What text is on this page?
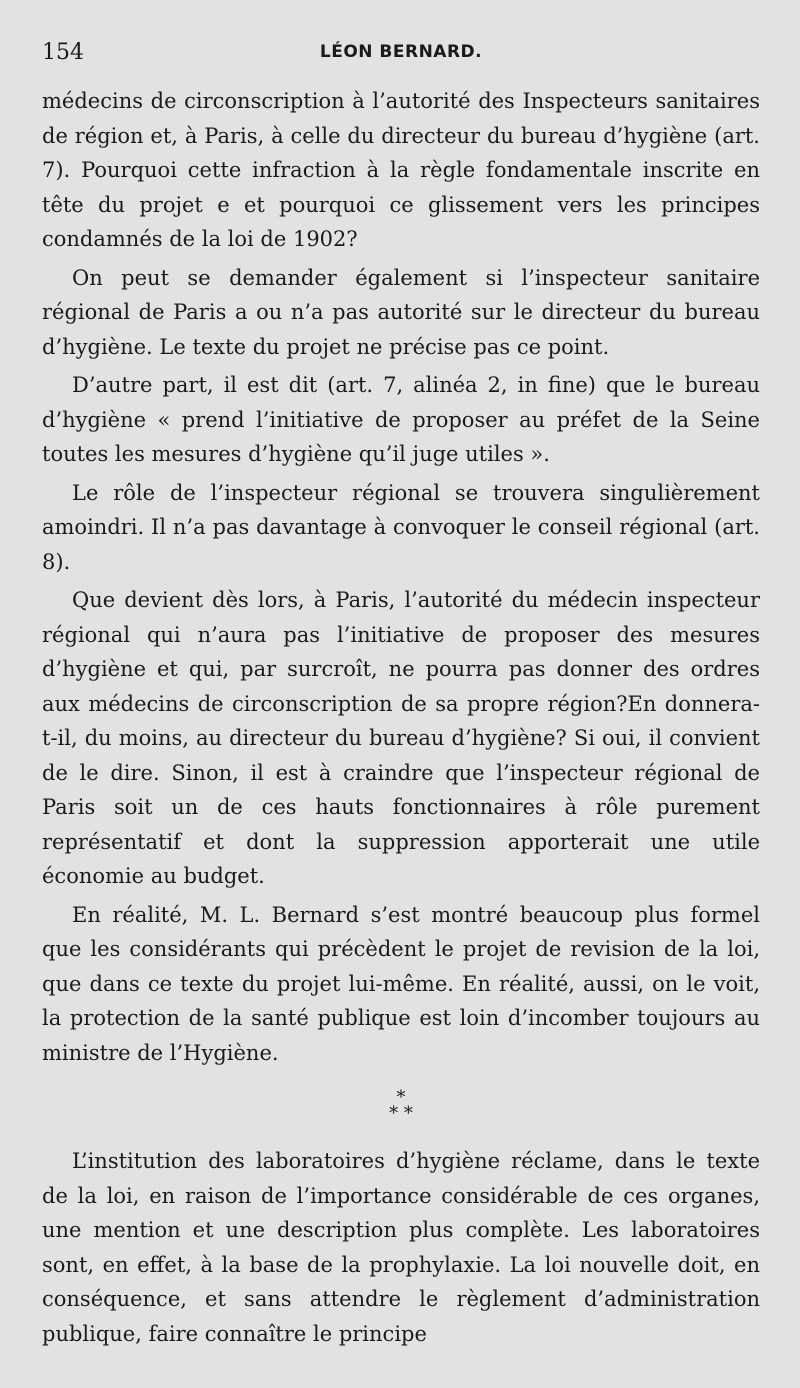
154	LÉON BERNARD.

médecins de circonscription à l’autorité des Inspecteurs sanitaires de région et, à Paris, à celle du directeur du bureau d’hygiène (art. 7). Pourquoi cette infraction à la règle fondamentale inscrite en tête du projet e et pourquoi ce glissement vers les principes condamnés de la loi de 1902?

On peut se demander également si l’inspecteur sanitaire régional de Paris a ou n’a pas autorité sur le directeur du bureau d’hygiène. Le texte du projet ne précise pas ce point.

D’autre part, il est dit (art. 7, alinéa 2, in fine) que le bureau d’hygiène « prend l’initiative de proposer au préfet de la Seine toutes les mesures d’hygiène qu’il juge utiles ».

Le rôle de l’inspecteur régional se trouvera singulièrement amoindri. Il n’a pas davantage à convoquer le conseil régional (art. 8).

Que devient dès lors, à Paris, l’autorité du médecin inspecteur régional qui n’aura pas l’initiative de proposer des mesures d’hygiène et qui, par surcroît, ne pourra pas donner des ordres aux médecins de circonscription de sa propre région?En donnera-t-il, du moins, au directeur du bureau d’hygiène? Si oui, il convient de le dire. Sinon, il est à craindre que l’inspecteur régional de Paris soit un de ces hauts fonctionnaires à rôle purement représentatif et dont la suppression apporterait une utile économie au budget.

En réalité, M. L. Bernard s’est montré beaucoup plus formel que les considérants qui précèdent le projet de revision de la loi, que dans ce texte du projet lui-même. En réalité, aussi, on le voit, la protection de la santé publique est loin d’incomber toujours au ministre de l’Hygiène.

*
* *

L’institution des laboratoires d’hygiène réclame, dans le texte de la loi, en raison de l’importance considérable de ces organes, une mention et une description plus complète. Les laboratoires sont, en effet, à la base de la prophylaxie. La loi nouvelle doit, en conséquence, et sans attendre le règlement d’administration publique, faire connaître le principe
